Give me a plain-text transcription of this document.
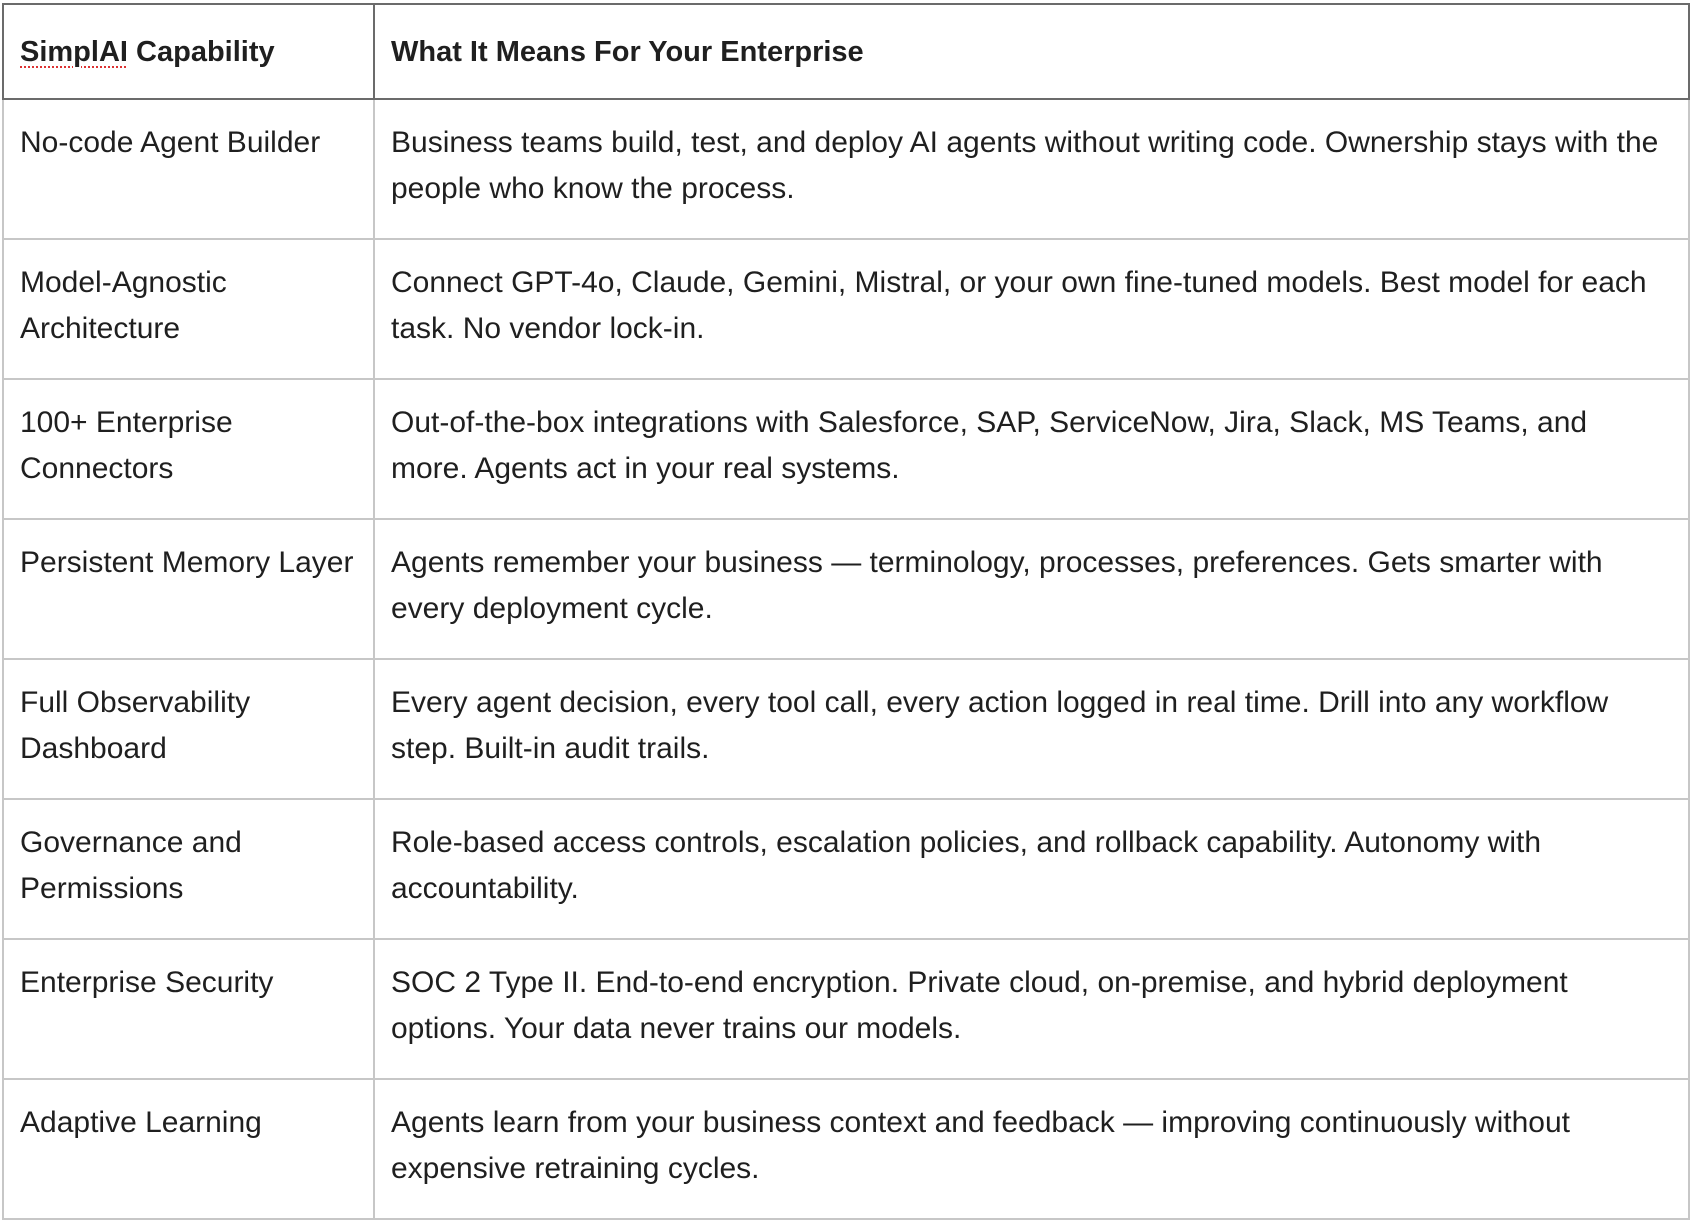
SimplAI Capability	What It Means For Your Enterprise
No-code Agent Builder	Business teams build, test, and deploy AI agents without writing code. Ownership stays with the people who know the process.
Model-Agnostic Architecture	Connect GPT-4o, Claude, Gemini, Mistral, or your own fine-tuned models. Best model for each task. No vendor lock-in.
100+ Enterprise Connectors	Out-of-the-box integrations with Salesforce, SAP, ServiceNow, Jira, Slack, MS Teams, and more. Agents act in your real systems.
Persistent Memory Layer	Agents remember your business — terminology, processes, preferences. Gets smarter with every deployment cycle.
Full Observability Dashboard	Every agent decision, every tool call, every action logged in real time. Drill into any workflow step. Built-in audit trails.
Governance and Permissions	Role-based access controls, escalation policies, and rollback capability. Autonomy with accountability.
Enterprise Security	SOC 2 Type II. End-to-end encryption. Private cloud, on-premise, and hybrid deployment options. Your data never trains our models.
Adaptive Learning	Agents learn from your business context and feedback — improving continuously without expensive retraining cycles.
